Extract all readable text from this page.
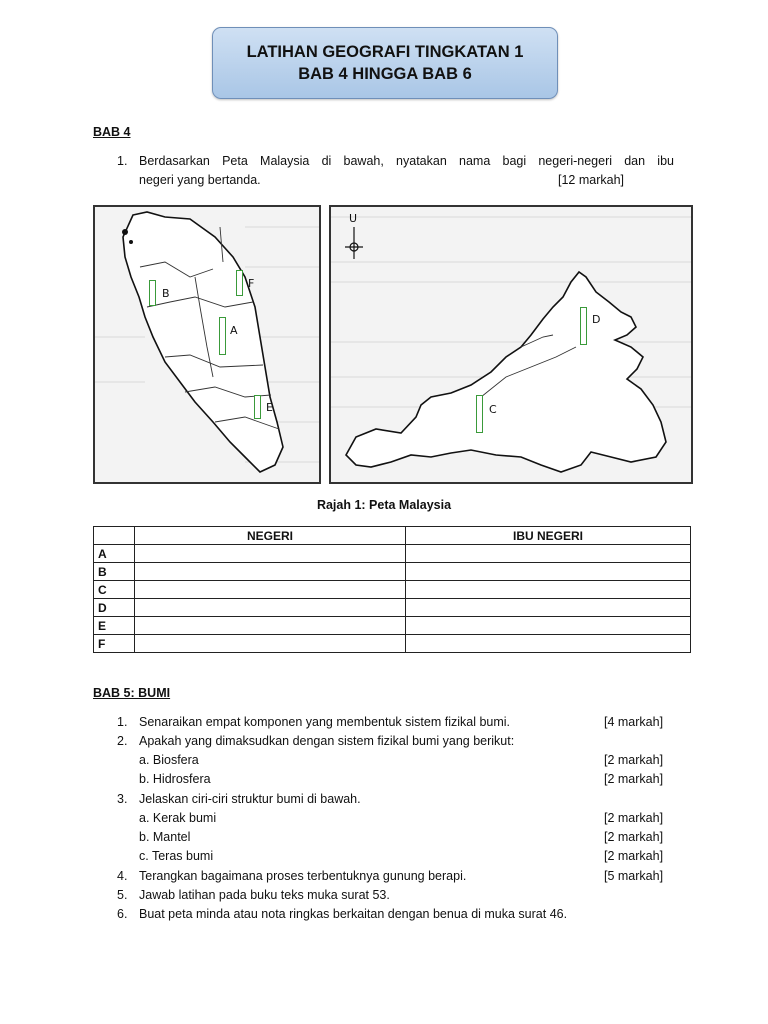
LATIHAN GEOGRAFI TINGKATAN 1
BAB 4 HINGGA BAB 6
BAB 4
1. Berdasarkan Peta Malaysia di bawah, nyatakan nama bagi negeri-negeri dan ibu
negeri yang bertanda.	[12 markah]
B
F
A
E
U
D
C
Rajah 1: Peta Malaysia
	NEGERI	IBU NEGERI
A		
B		
C		
D		
E		
F		
BAB 5: BUMI
1. Senaraikan empat komponen yang membentuk sistem fizikal bumi.	[4 markah]
2. Apakah yang dimaksudkan dengan sistem fizikal bumi yang berikut:
a. Biosfera	[2 markah]
b. Hidrosfera	[2 markah]
3. Jelaskan ciri-ciri struktur bumi di bawah.
a. Kerak bumi	[2 markah]
b. Mantel	[2 markah]
c. Teras bumi	[2 markah]
4. Terangkan bagaimana proses terbentuknya gunung berapi.	[5 markah]
5. Jawab latihan pada buku teks muka surat 53.
6. Buat peta minda atau nota ringkas berkaitan dengan benua di muka surat 46.
